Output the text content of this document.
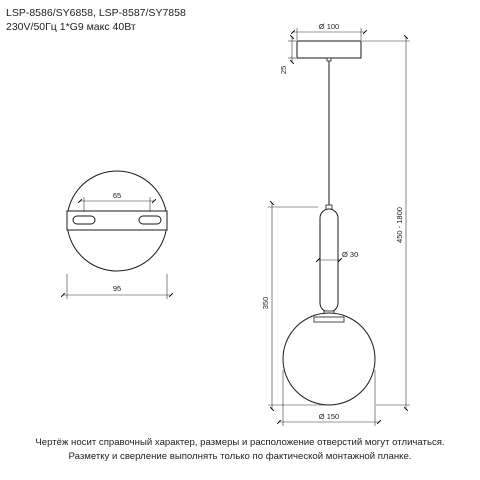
LSP-8586/SY6858, LSP-8587/SY7858
230V/50Гц 1*G9 макс 40Вт
65
95
Ø 100
25
450 - 1800
Ø 30
350
Ø 150
Чертёж носит справочный характер, размеры и расположение отверстий могут отличаться.
Разметку и сверление выполнять только по фактической монтажной планке.
